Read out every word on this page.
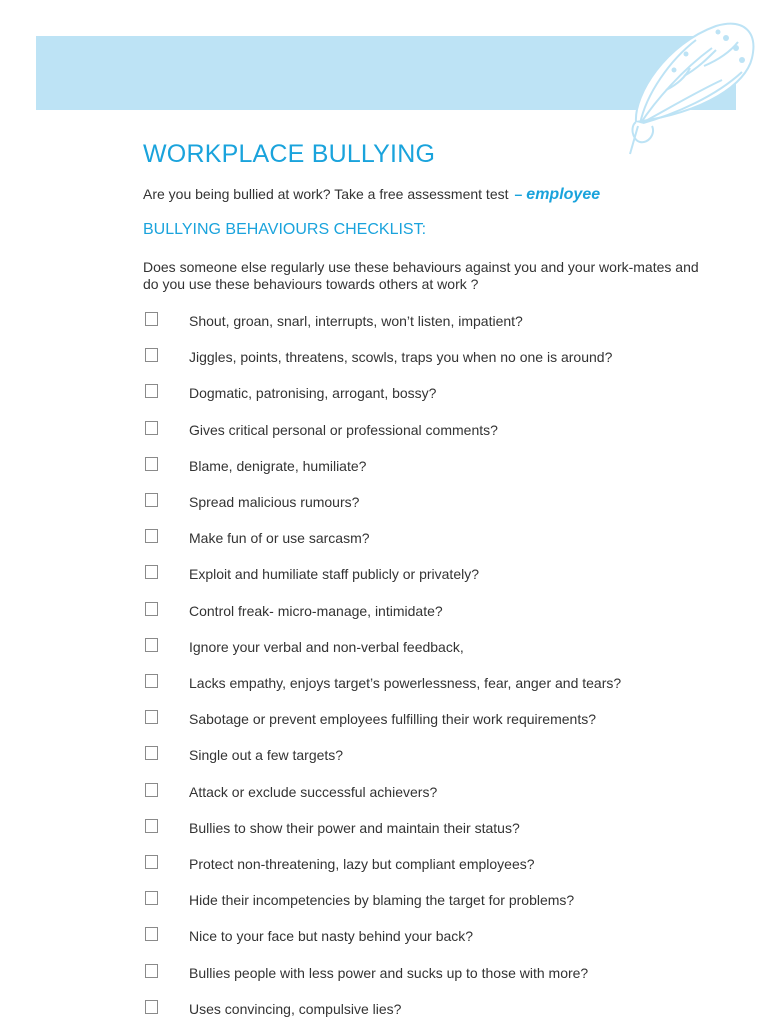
WORKPLACE BULLYING
Are you being bullied at work? Take a free assessment test – employee
BULLYING BEHAVIOURS CHECKLIST:

Does someone else regularly use these behaviours against you and your work-mates and do you use these behaviours towards others at work ?

Shout, groan, snarl, interrupts, won’t listen, impatient?
Jiggles, points, threatens, scowls, traps you when no one is around?
Dogmatic, patronising, arrogant, bossy?
Gives critical personal or professional comments?
Blame, denigrate, humiliate?
Spread malicious rumours?
Make fun of or use sarcasm?
Exploit and humiliate staff publicly or privately?
Control freak- micro-manage, intimidate?
Ignore your verbal and non-verbal feedback,
Lacks empathy, enjoys target’s powerlessness, fear, anger and tears?
Sabotage or prevent employees fulfilling their work requirements?
Single out a few targets?
Attack or exclude successful achievers?
Bullies to show their power and maintain their status?
Protect non-threatening, lazy but compliant employees?
Hide their incompetencies by blaming the target for problems?
Nice to your face but nasty behind your back?
Bullies people with less power and sucks up to those with more?
Uses convincing, compulsive lies?
